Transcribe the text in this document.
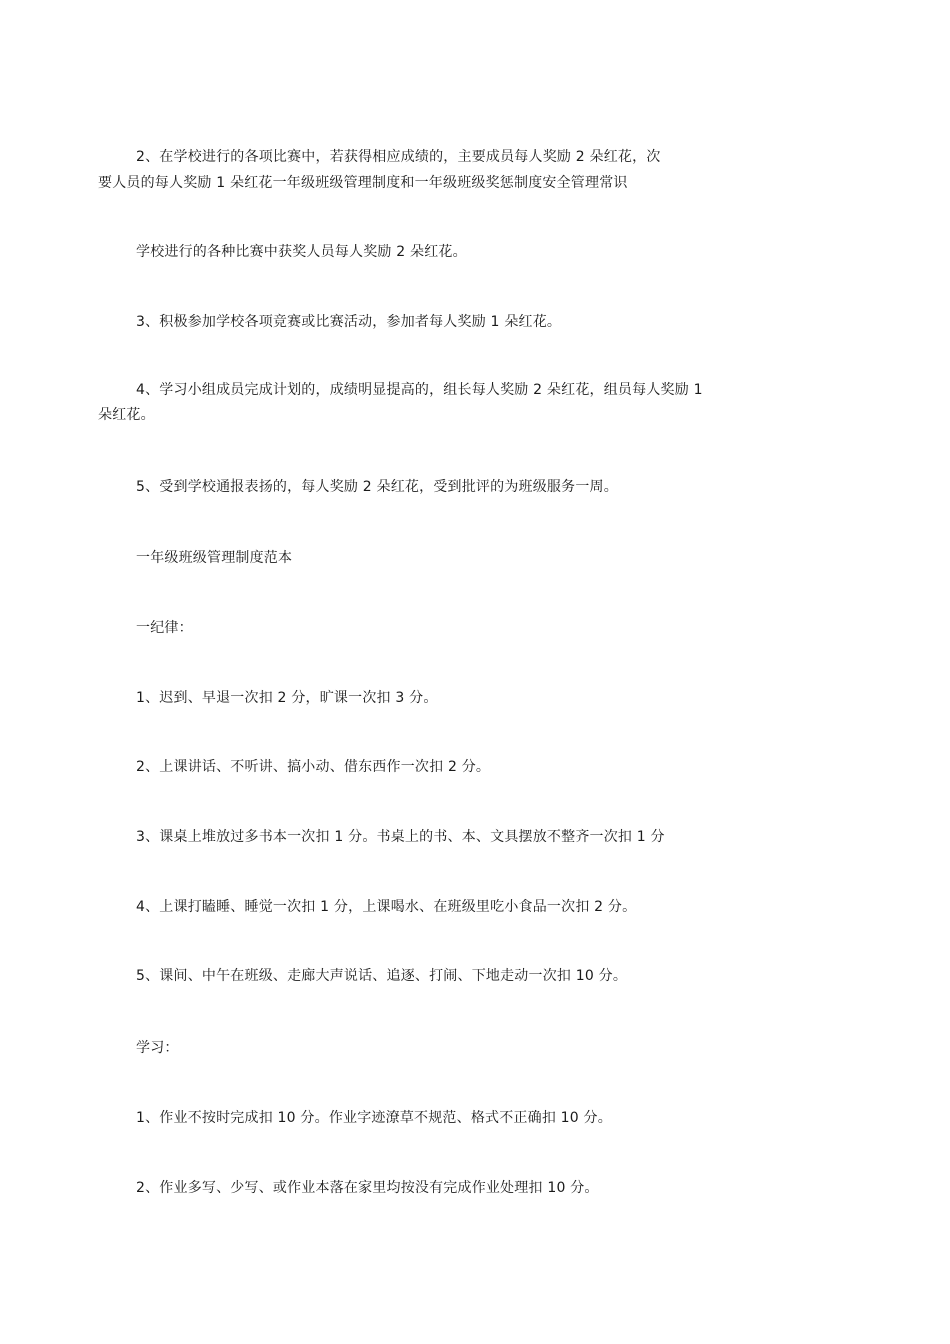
2、在学校进行的各项比赛中，若获得相应成绩的，主要成员每人奖励 2 朵红花，次
要人员的每人奖励 1 朵红花一年级班级管理制度和一年级班级奖惩制度安全管理常识
学校进行的各种比赛中获奖人员每人奖励 2 朵红花。
3、积极参加学校各项竞赛或比赛活动，参加者每人奖励 1 朵红花。
4、学习小组成员完成计划的，成绩明显提高的，组长每人奖励 2 朵红花，组员每人奖励 1
朵红花。
5、受到学校通报表扬的，每人奖励 2 朵红花，受到批评的为班级服务一周。
一年级班级管理制度范本
一纪律：
1、迟到、早退一次扣 2 分，旷课一次扣 3 分。
2、上课讲话、不听讲、搞小动、借东西作一次扣 2 分。
3、课桌上堆放过多书本一次扣 1 分。书桌上的书、本、文具摆放不整齐一次扣 1 分
4、上课打瞌睡、睡觉一次扣 1 分，上课喝水、在班级里吃小食品一次扣 2 分。
5、课间、中午在班级、走廊大声说话、追逐、打闹、下地走动一次扣 10 分。
学习：
1、作业不按时完成扣 10 分。作业字迹潦草不规范、格式不正确扣 10 分。
2、作业多写、少写、或作业本落在家里均按没有完成作业处理扣 10 分。
